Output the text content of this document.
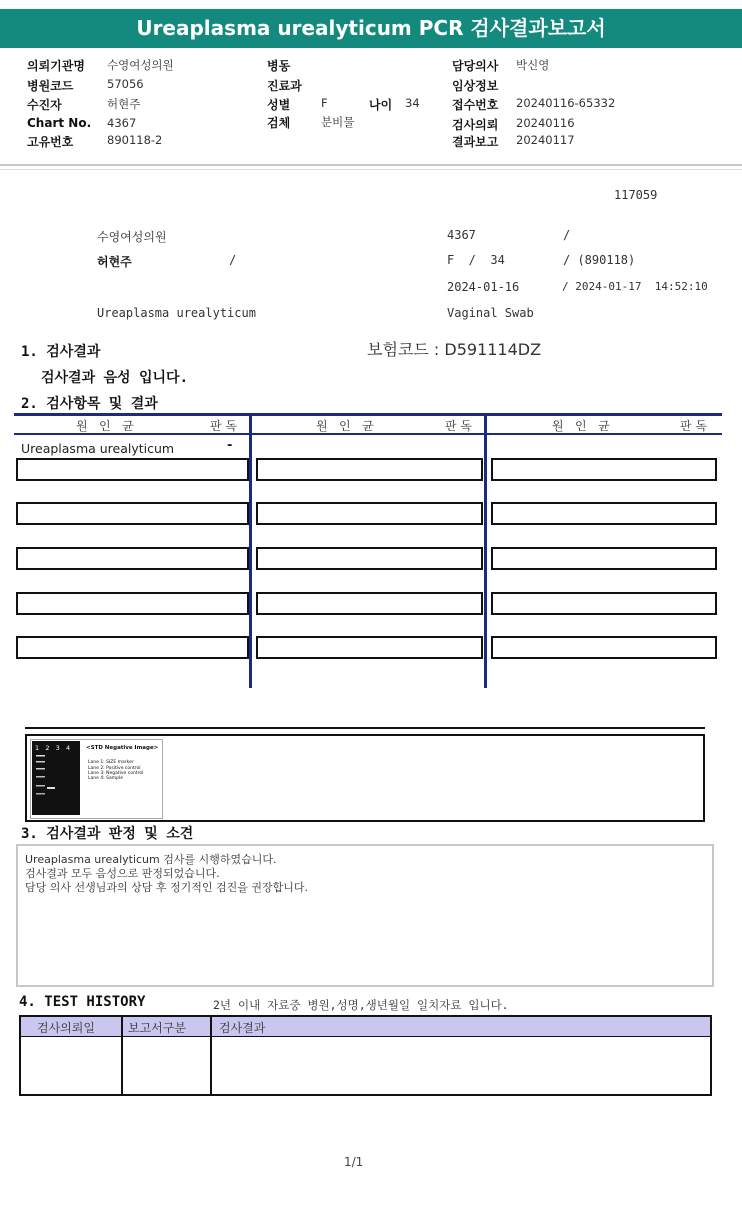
Ureaplasma urealyticum PCR 검사결과보고서
의뢰기관명 수영여성의원
병원코드	57056
수진자	허현주
Chart No. 4367
고유번호	890118-2
병동
진료과
성별	F	나이 34
검체	분비물
담당의사 박신영
임상정보
접수번호 20240116-65332
검사의뢰 20240116
결과보고 20240117
117059
수영여성의원	4367	/
허현주	/	F  /  34	/ (890118)
2024-01-16	/ 2024-01-17  14:52:10
Ureaplasma urealyticum	Vaginal Swab
1. 검사결과	보험코드 : D591114DZ
검사결과 음성 입니다.
2. 검사항목 및 결과
원   인   균	판 독	원   인   균	판 독	원   인   균	판 독
Ureaplasma urealyticum	-
1   2   3   4	<STD Negative Image>
Lane 1: SIZE marker
Lane 2: Positive control
Lane 3: Negative control
Lane 4: Sample
3. 검사결과 판정 및 소견
Ureaplasma urealyticum 검사를 시행하였습니다.
검사결과 모두 음성으로 판정되었습니다.
담당 의사 선생님과의 상담 후 정기적인 검진을 권장합니다.
4. TEST HISTORY	2년 이내 자료중 병원,성명,생년월일 일치자료 입니다.
검사의뢰일	보고서구분	검사결과
1/1
